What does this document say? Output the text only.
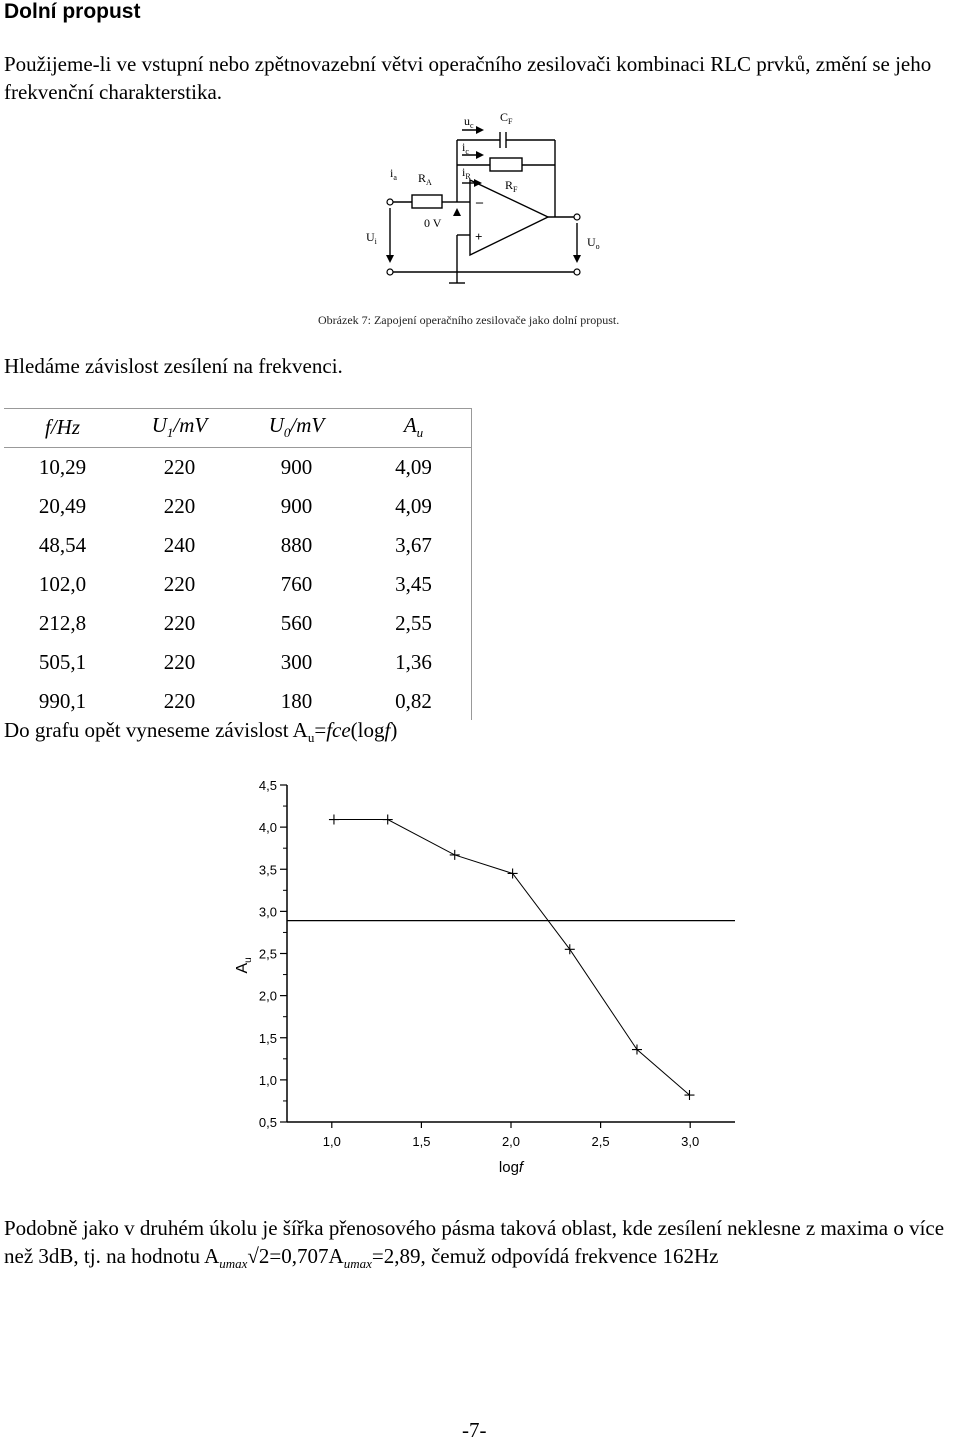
Dolní propust
Použijeme-li ve vstupní nebo zpětnovazební větvi operačního zesilovači kombinaci RLC prvků, změní se jeho frekvenční charakterstika.
$u_c$
$C_F$
$i_c$
$i_a$ $R_A$
$i_R$
$R_F$
0 V
$U_i$	$U_o$
–
+
Obrázek 7: Zapojení operačního zesilovače jako dolní propust.
Hledáme závislost zesílení na frekvenci.
f/Hz	$U_1/mV$	$U_0/mV$	$A_u$
10,29	220	900	4,09
20,49	220	900	4,09
48,54	240	880	3,67
102,0	220	760	3,45
212,8	220	560	2,55
505,1	220	300	1,36
990,1	220	180	0,82
Do grafu opět vyneseme závislost $A_u=fce(\log f)$
4,5
4,0
3,5
3,0
2,5
2,0
1,5
1,0
0,5
1,0	1,5	2,0	2,5	3,0
logf
$A_u$
Podobně jako v druhém úkolu je šířka přenosového pásma taková oblast, kde zesílení neklesne z maxima o více než 3dB, tj. na hodnotu $A_{umax}√2=0,707A_{umax}=2,89$, čemuž odpovídá frekvence 162Hz
-7-
